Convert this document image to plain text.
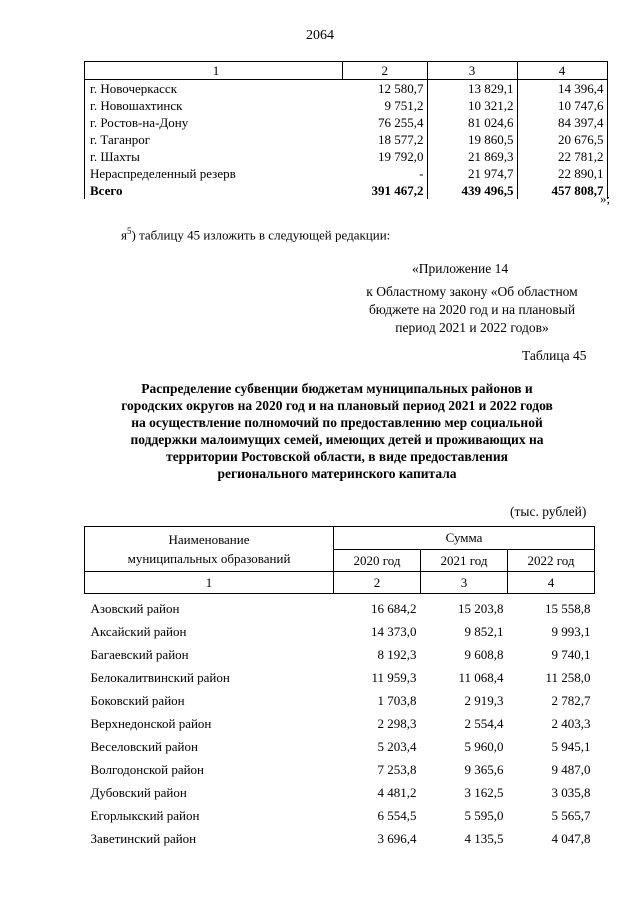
2064
1	2	3	4
г. Новочеркасск	12 580,7	13 829,1	14 396,4
г. Новошахтинск	9 751,2	10 321,2	10 747,6
г. Ростов-на-Дону	76 255,4	81 024,6	84 397,4
г. Таганрог	18 577,2	19 860,5	20 676,5
г. Шахты	19 792,0	21 869,3	22 781,2
Нераспределенный резерв	-	21 974,7	22 890,1
Всего	391 467,2	439 496,5	457 808,7
»;
$я^5$) таблицу 45 изложить в следующей редакции:
«Приложение 14
к Областному закону «Об областном
бюджете на 2020 год и на плановый
период 2021 и 2022 годов»
Таблица 45
Распределение субвенции бюджетам муниципальных районов и
городских округов на 2020 год и на плановый период 2021 и 2022 годов
на осуществление полномочий по предоставлению мер социальной
поддержки малоимущих семей, имеющих детей и проживающих на
территории Ростовской области, в виде предоставления
регионального материнского капитала
(тыс. рублей)
Наименование
муниципальных образований	Сумма		
	2020 год	2021 год	2022 год
1	2	3	4
Азовский район	16 684,2	15 203,8	15 558,8
Аксайский район	14 373,0	9 852,1	9 993,1
Багаевский район	8 192,3	9 608,8	9 740,1
Белокалитвинский район	11 959,3	11 068,4	11 258,0
Боковский район	1 703,8	2 919,3	2 782,7
Верхнедонской район	2 298,3	2 554,4	2 403,3
Веселовский район	5 203,4	5 960,0	5 945,1
Волгодонской район	7 253,8	9 365,6	9 487,0
Дубовский район	4 481,2	3 162,5	3 035,8
Егорлыкский район	6 554,5	5 595,0	5 565,7
Заветинский район	3 696,4	4 135,5	4 047,8
